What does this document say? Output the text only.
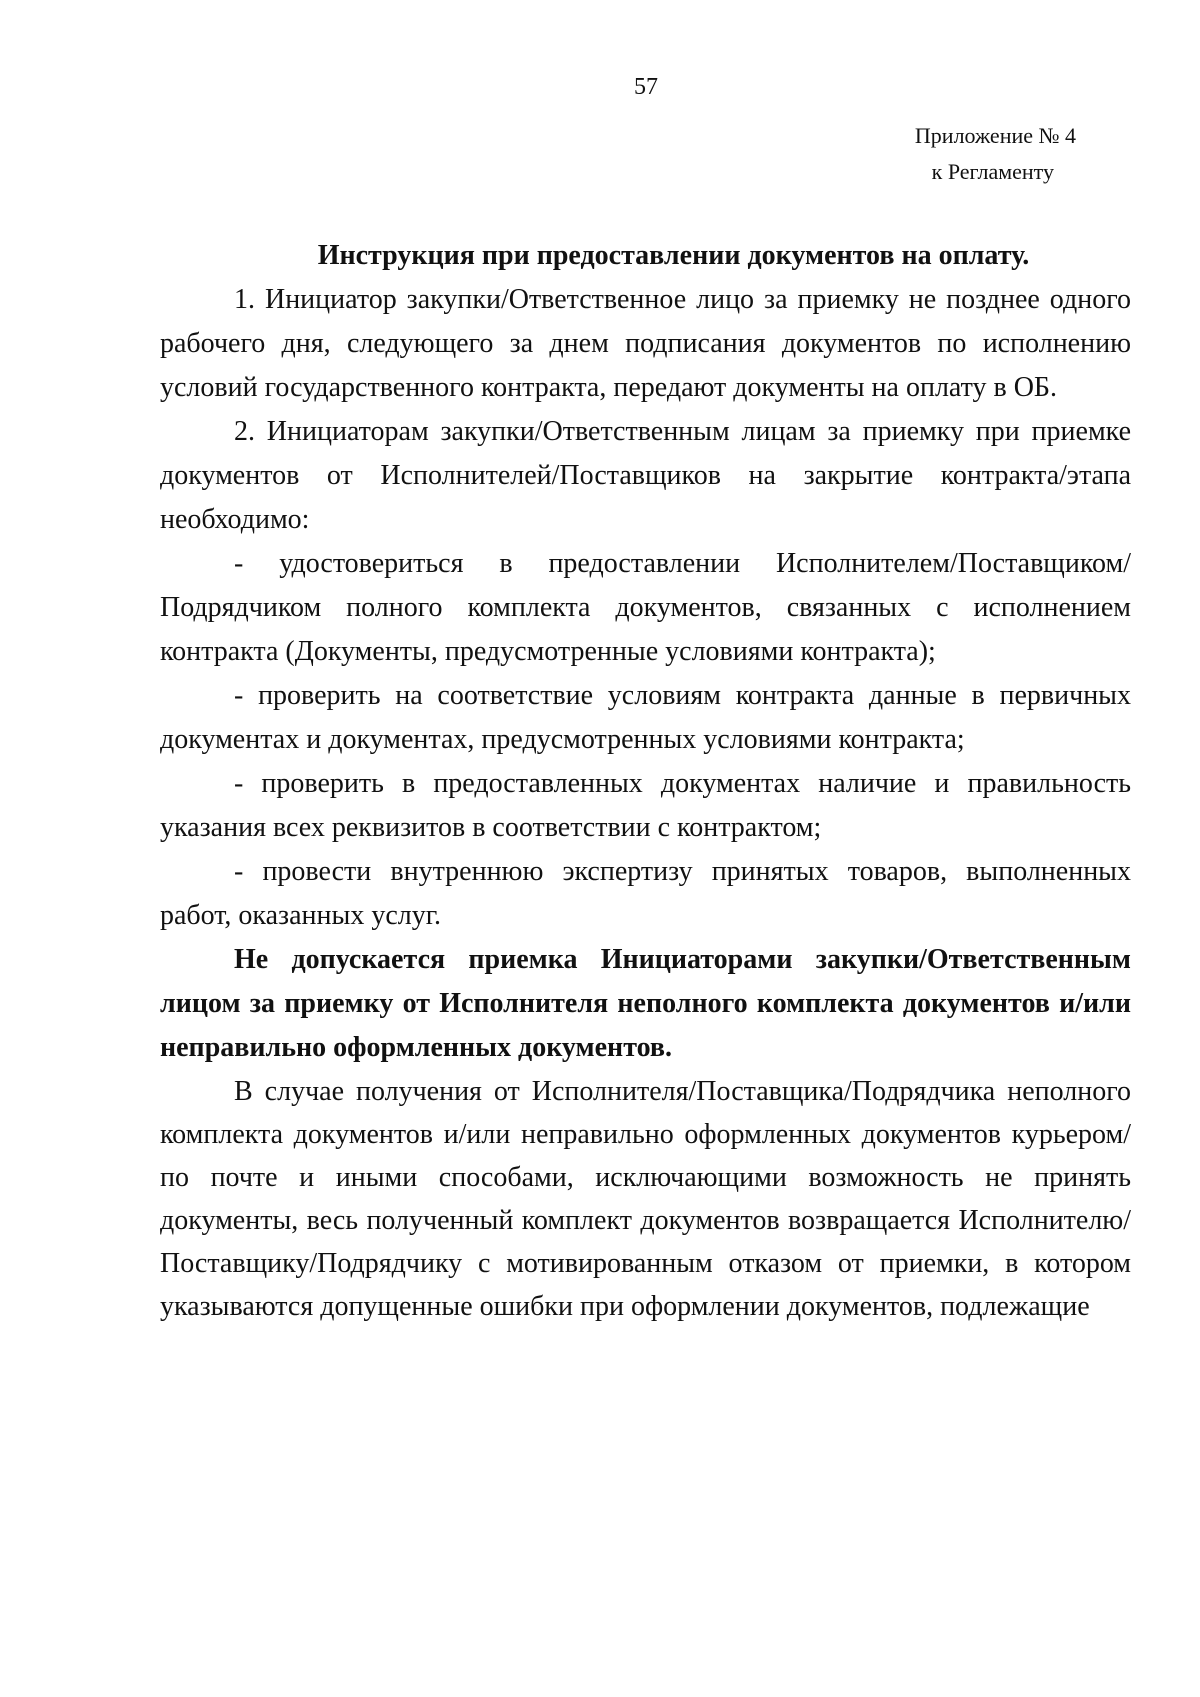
57
Приложение № 4
к Регламенту

Инструкция при предоставлении документов на оплату.

1. Инициатор закупки/Ответственное лицо за приемку не позднее одного рабочего дня, следующего за днем подписания документов по исполнению условий государственного контракта, передают документы на оплату в ОБ.

2. Инициаторам закупки/Ответственным лицам за приемку при приемке документов от Исполнителей/Поставщиков на закрытие контракта/этапа необходимо:

- удостовериться в предоставлении Исполнителем/Поставщиком/Подрядчиком полного комплекта документов, связанных с исполнением контракта (Документы, предусмотренные условиями контракта);

- проверить на соответствие условиям контракта данные в первичных документах и документах, предусмотренных условиями контракта;

- проверить в предоставленных документах наличие и правильность указания всех реквизитов в соответствии с контрактом;

- провести внутреннюю экспертизу принятых товаров, выполненных работ, оказанных услуг.

Не допускается приемка Инициаторами закупки/Ответственным лицом за приемку от Исполнителя неполного комплекта документов и/или неправильно оформленных документов.

В случае получения от Исполнителя/Поставщика/Подрядчика неполного комплекта документов и/или неправильно оформленных документов курьером/по почте и иными способами, исключающими возможность не принять документы, весь полученный комплект документов возвращается Исполнителю/Поставщику/Подрядчику с мотивированным отказом от приемки, в котором указываются допущенные ошибки при оформлении документов, подлежащие
